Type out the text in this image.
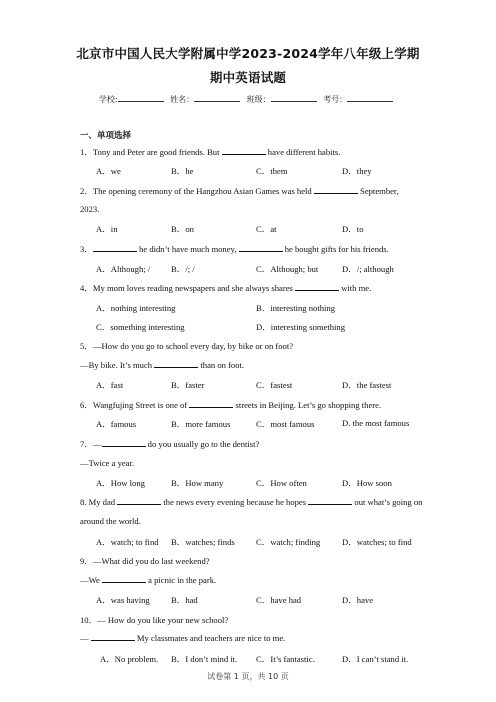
北京市中国人民大学附属中学2023-2024学年八年级上学期
期中英语试题
学校:	姓名：	班级：	考号：
一、单项选择
1．Tony and Peter are good friends. But	have different habits.
A．we	B．he	C．them	D．they
2．The opening ceremony of the Hangzhou Asian Games was held	September,
2023.
A．in	B．on	C．at	D．to
3．	he didn’t have much money,	he bought gifts for his friends.
A．Although; / B．/; /	C．Although; but	D．/; although
4．My mom loves reading newspapers and she always shares	with me.
A．nothing interesting	B．interesting nothing
C．something interesting	D．interesting something
5．—How do you go to school every day, by bike or on foot?
—By bike. It’s much	than on foot.
A．fast	B．faster	C．fastest	D．the fastest
6．Wangfujing Street is one of	streets in Beijing. Let’s go shopping there.
A．famous	B．more famous	C．most famous	D. the most famous
7．—	do you usually go to the dentist?
—Twice a year.
A．How long	B．How many	C．How often	D．How soon
8. My dad	the news every evening because he hopes	out what’s going on
around the world.
A．watch; to find B．watches; finds C．watch; finding	D．watches; to find
9．—What did you do last weekend?
—We	a picnic in the park.
A．was having B．had	C．have had	D．have
10．— How do you like your new school?
—	My classmates and teachers are nice to me.
A．No problem. B．I don’t mind it. C．It’s fantastic.	D．I can’t stand it.
试卷第 1 页，共 10 页
